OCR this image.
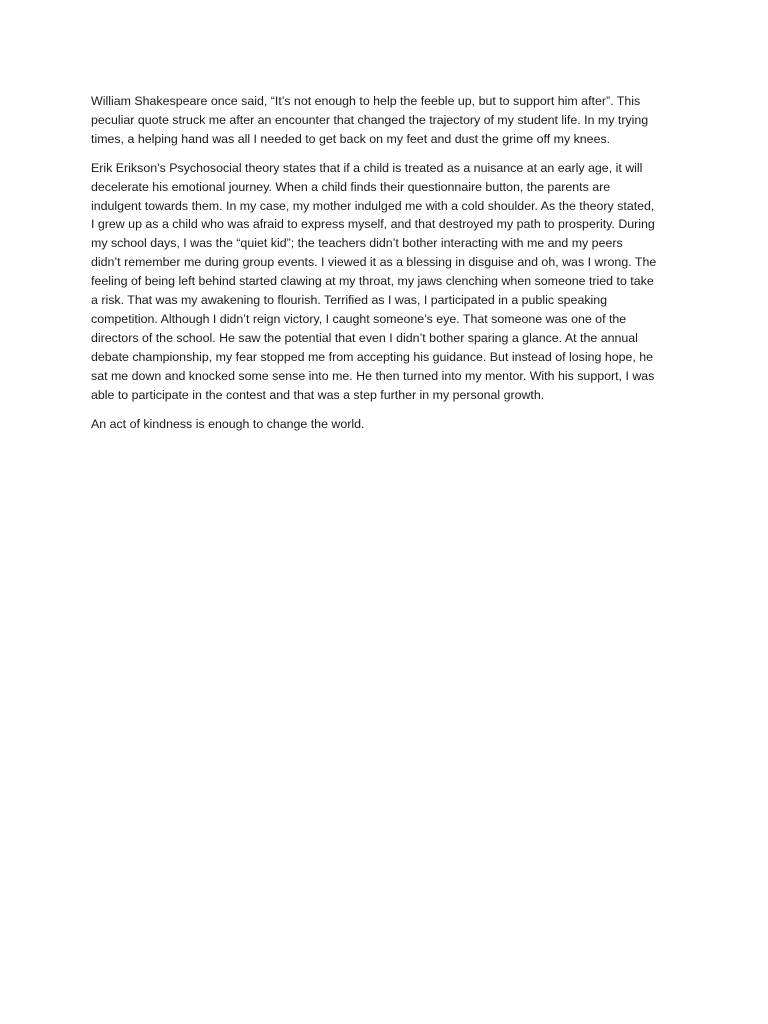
William Shakespeare once said, “It’s not enough to help the feeble up, but to support him after”. This
peculiar quote struck me after an encounter that changed the trajectory of my student life. In my trying
times, a helping hand was all I needed to get back on my feet and dust the grime off my knees.

Erik Erikson’s Psychosocial theory states that if a child is treated as a nuisance at an early age, it will
decelerate his emotional journey. When a child finds their questionnaire button, the parents are
indulgent towards them. In my case, my mother indulged me with a cold shoulder. As the theory stated,
I grew up as a child who was afraid to express myself, and that destroyed my path to prosperity. During
my school days, I was the “quiet kid”; the teachers didn’t bother interacting with me and my peers
didn’t remember me during group events. I viewed it as a blessing in disguise and oh, was I wrong. The
feeling of being left behind started clawing at my throat, my jaws clenching when someone tried to take
a risk. That was my awakening to flourish. Terrified as I was, I participated in a public speaking
competition. Although I didn’t reign victory, I caught someone’s eye. That someone was one of the
directors of the school. He saw the potential that even I didn’t bother sparing a glance. At the annual
debate championship, my fear stopped me from accepting his guidance. But instead of losing hope, he
sat me down and knocked some sense into me. He then turned into my mentor. With his support, I was
able to participate in the contest and that was a step further in my personal growth.

An act of kindness is enough to change the world.
